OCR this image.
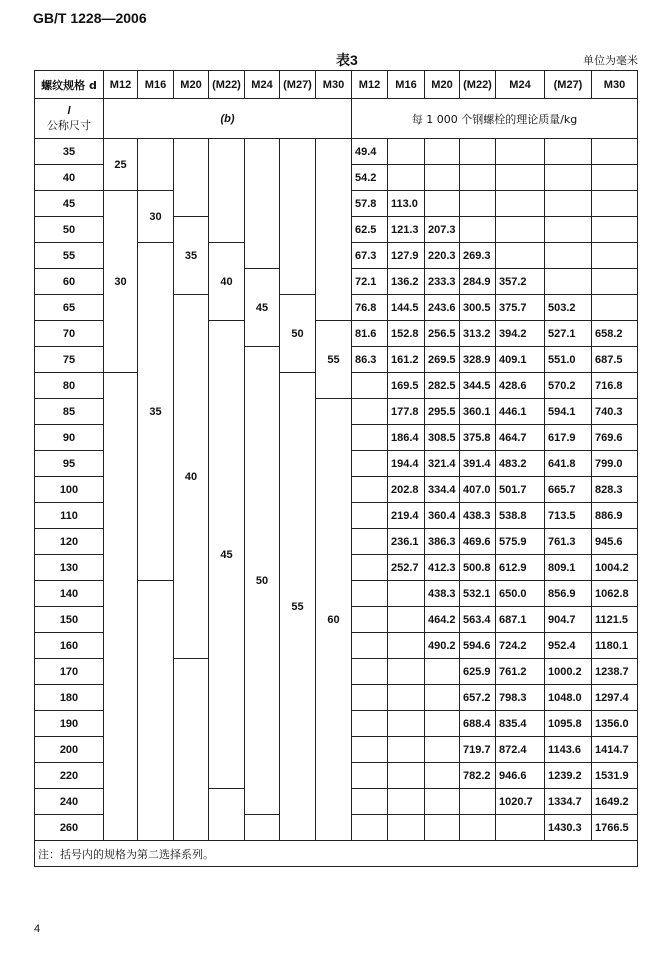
GB/T 1228—2006
表3	单位为毫米
螺纹规格 d	M12	M16	M20	(M22)	M24	(M27)	M30	M12	M16	M20	(M22)	M24	(M27)	M30

l
公称尺寸	(b)							每 1 000 个钢螺栓的理论质量/kg						
35	25							49.4						
40								54.2						
45	30	30						57.8	113.0					
50			35					62.5	121.3	207.3				
55		35		40				67.3	127.9	220.3	269.3			
60					45			72.1	136.2	233.3	284.9	357.2		
65			40			50		76.8	144.5	243.6	300.5	375.7	503.2	
70				45			55	81.6	152.8	256.5	313.2	394.2	527.1	658.2
75					50			86.3	161.2	269.5	328.9	409.1	551.0	687.5
80						55			169.5	282.5	344.5	428.6	570.2	716.8
85							60		177.8	295.5	360.1	446.1	594.1	740.3
90									186.4	308.5	375.8	464.7	617.9	769.6
95									194.4	321.4	391.4	483.2	641.8	799.0
100									202.8	334.4	407.0	501.7	665.7	828.3
110									219.4	360.4	438.3	538.8	713.5	886.9
120									236.1	386.3	469.6	575.9	761.3	945.6
130									252.7	412.3	500.8	612.9	809.1	1004.2
140										438.3	532.1	650.0	856.9	1062.8
150										464.2	563.4	687.1	904.7	1121.5
160										490.2	594.6	724.2	952.4	1180.1
170											625.9	761.2	1000.2	1238.7
180											657.2	798.3	1048.0	1297.4
190											688.4	835.4	1095.8	1356.0
200											719.7	872.4	1143.6	1414.7
220											782.2	946.6	1239.2	1531.9
240												1020.7	1334.7	1649.2
260													1430.3	1766.5
注：括号内的规格为第二选择系列。														
4
